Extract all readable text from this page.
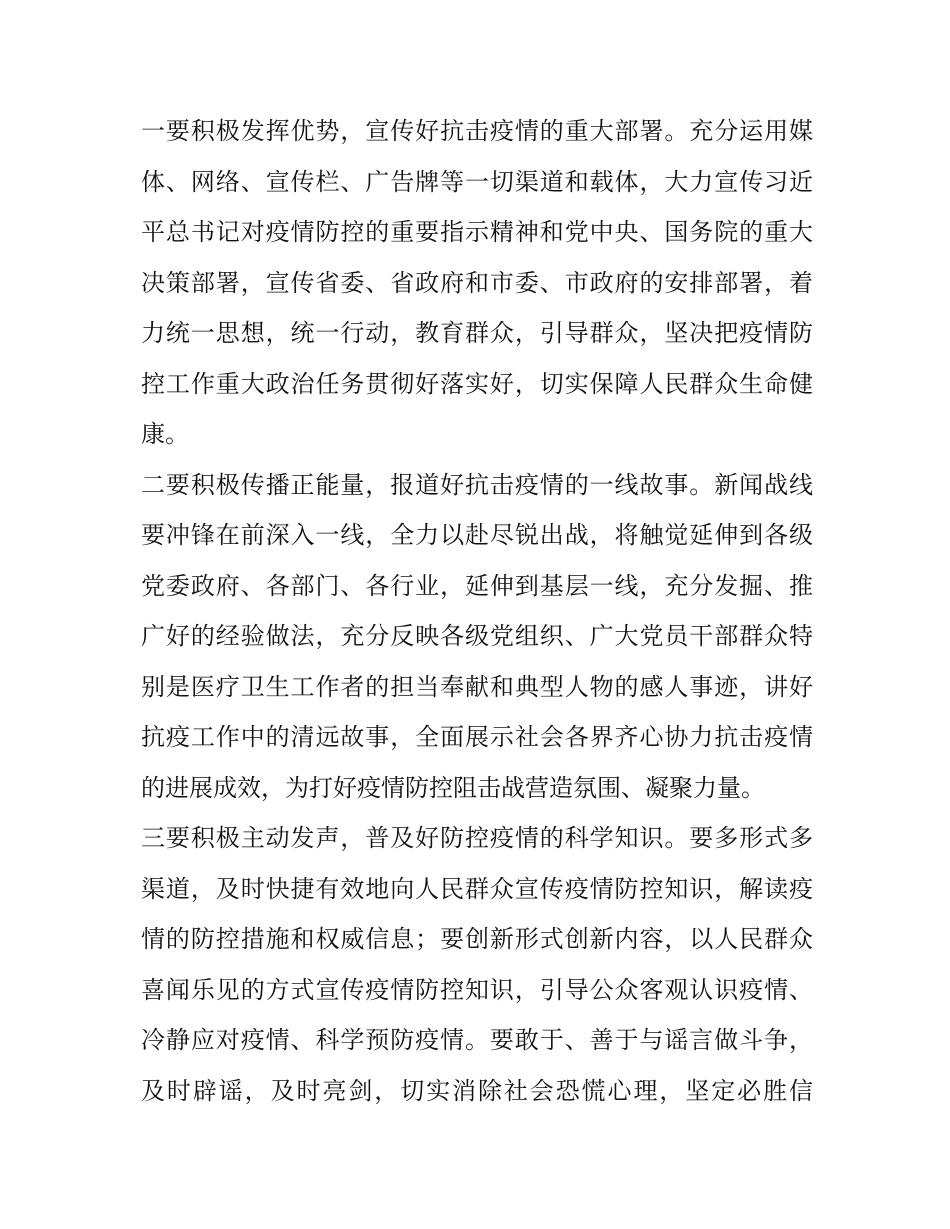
一要积极发挥优势，宣传好抗击疫情的重大部署。充分运用媒
体、网络、宣传栏、广告牌等一切渠道和载体，大力宣传习近
平总书记对疫情防控的重要指示精神和党中央、国务院的重大
决策部署，宣传省委、省政府和市委、市政府的安排部署，着
力统一思想，统一行动，教育群众，引导群众，坚决把疫情防
控工作重大政治任务贯彻好落实好，切实保障人民群众生命健
康。
二要积极传播正能量，报道好抗击疫情的一线故事。新闻战线
要冲锋在前深入一线，全力以赴尽锐出战，将触觉延伸到各级
党委政府、各部门、各行业，延伸到基层一线，充分发掘、推
广好的经验做法，充分反映各级党组织、广大党员干部群众特
别是医疗卫生工作者的担当奉献和典型人物的感人事迹，讲好
抗疫工作中的清远故事，全面展示社会各界齐心协力抗击疫情
的进展成效，为打好疫情防控阻击战营造氛围、凝聚力量。
三要积极主动发声，普及好防控疫情的科学知识。要多形式多
渠道，及时快捷有效地向人民群众宣传疫情防控知识，解读疫
情的防控措施和权威信息；要创新形式创新内容，以人民群众
喜闻乐见的方式宣传疫情防控知识，引导公众客观认识疫情、
冷静应对疫情、科学预防疫情。要敢于、善于与谣言做斗争，
及时辟谣，及时亮剑，切实消除社会恐慌心理，坚定必胜信
